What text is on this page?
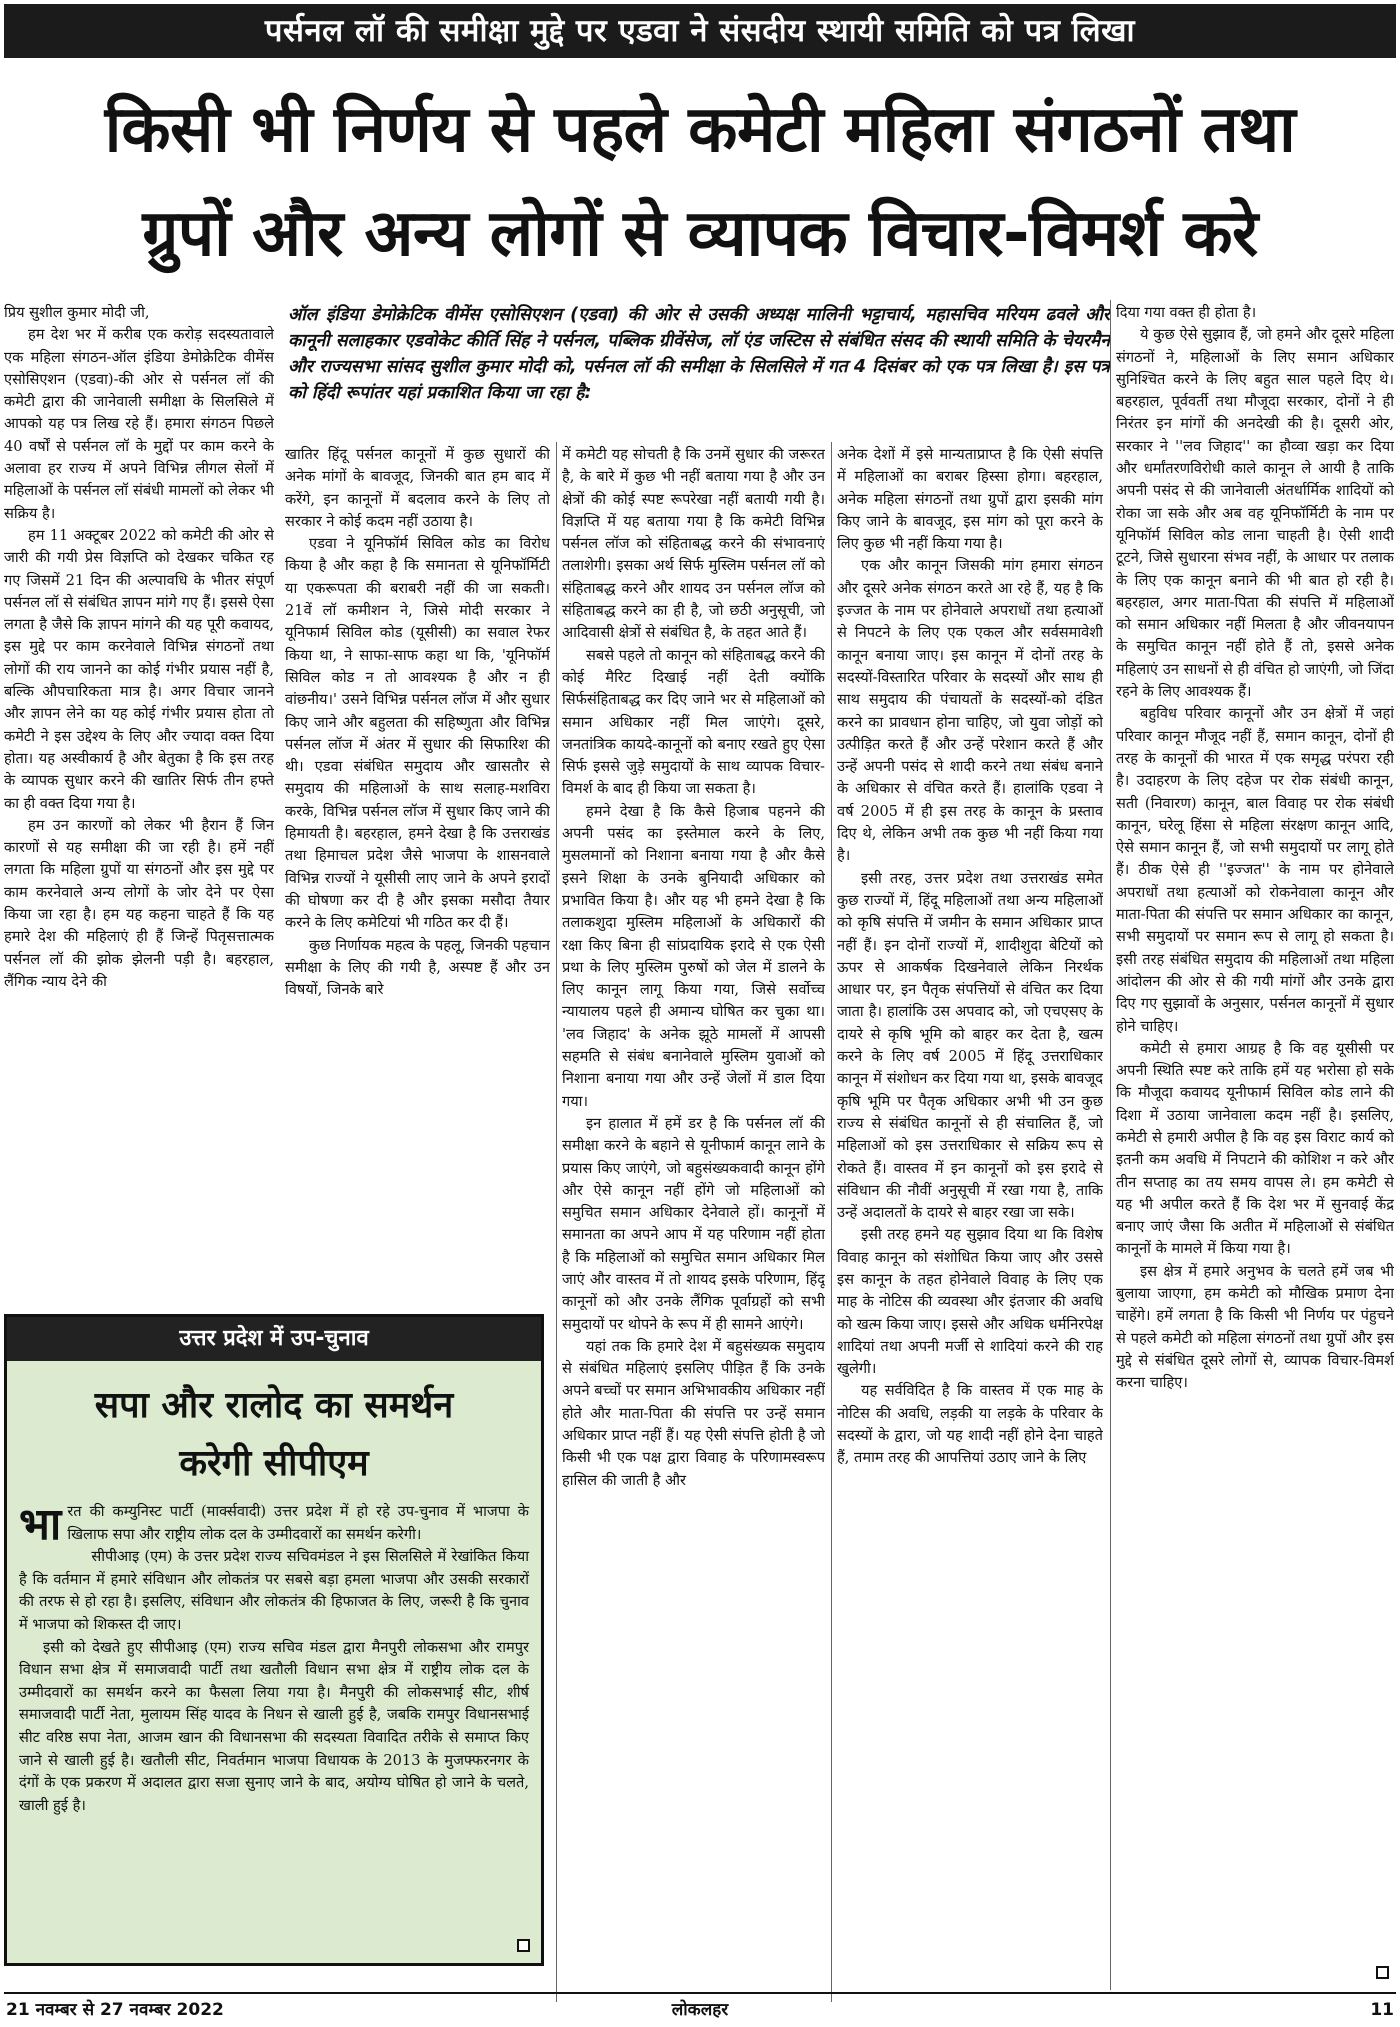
पर्सनल लॉ की समीक्षा मुद्दे पर एडवा ने संसदीय स्थायी समिति को पत्र लिखा
किसी भी निर्णय से पहले कमेटी महिला संगठनों तथा
ग्रुपों और अन्य लोगों से व्यापक विचार-विमर्श करे
ऑल इंडिया डेमोक्रेटिक वीमेंस एसोसिएशन (एडवा) की ओर से उसकी अध्यक्ष मालिनी भट्टाचार्य, महासचिव मरियम ढवले और कानूनी सलाहकार एडवोकेट कीर्ति सिंह ने पर्सनल, पब्लिक ग्रीवेंसेज, लॉ एंड जस्टिस से संबंधित संसद की स्थायी समिति के चेयरमैन और राज्यसभा सांसद सुशील कुमार मोदी को, पर्सनल लॉ की समीक्षा के सिलसिले में गत 4 दिसंबर को एक पत्र लिखा है। इस पत्र को हिंदी रूपांतर यहां प्रकाशित किया जा रहा है:

प्रिय सुशील कुमार मोदी जी,

हम देश भर में करीब एक करोड़ सदस्यतावाले एक महिला संगठन-ऑल इंडिया डेमोक्रेटिक वीमेंस एसोसिएशन (एडवा)-की ओर से पर्सनल लॉ की कमेटी द्वारा की जानेवाली समीक्षा के सिलसिले में आपको यह पत्र लिख रहे हैं। हमारा संगठन पिछले 40 वर्षों से पर्सनल लॉ के मुद्दों पर काम करने के अलावा हर राज्य में अपने विभिन्न लीगल सेलों में महिलाओं के पर्सनल लॉ संबंधी मामलों को लेकर भी सक्रिय है।

हम 11 अक्टूबर 2022 को कमेटी की ओर से जारी की गयी प्रेस विज्ञप्ति को देखकर चकित रह गए जिसमें 21 दिन की अल्पावधि के भीतर संपूर्ण पर्सनल लॉ से संबंधित ज्ञापन मांगे गए हैं। इससे ऐसा लगता है जैसे कि ज्ञापन मांगने की यह पूरी कवायद, इस मुद्दे पर काम करनेवाले विभिन्न संगठनों तथा लोगों की राय जानने का कोई गंभीर प्रयास नहीं है, बल्कि औपचारिकता मात्र है। अगर विचार जानने और ज्ञापन लेने का यह कोई गंभीर प्रयास होता तो कमेटी ने इस उद्देश्य के लिए और ज्यादा वक्त दिया होता। यह अस्वीकार्य है और बेतुका है कि इस तरह के व्यापक सुधार करने की खातिर सिर्फ तीन हफ्ते का ही वक्त दिया गया है।

हम उन कारणों को लेकर भी हैरान हैं जिन कारणों से यह समीक्षा की जा रही है। हमें नहीं लगता कि महिला ग्रुपों या संगठनों और इस मुद्दे पर काम करनेवाले अन्य लोगों के जोर देने पर ऐसा किया जा रहा है। हम यह कहना चाहते हैं कि यह हमारे देश की महिलाएं ही हैं जिन्हें पितृसत्तात्मक पर्सनल लॉ की झोक झेलनी पड़ी है। बहरहाल, लैंगिक न्याय देने की

खातिर हिंदू पर्सनल कानूनों में कुछ सुधारों की अनेक मांगों के बावजूद, जिनकी बात हम बाद में करेंगे, इन कानूनों में बदलाव करने के लिए तो सरकार ने कोई कदम नहीं उठाया है।

एडवा ने यूनिफॉर्म सिविल कोड का विरोध किया है और कहा है कि समानता से यूनिफॉर्मिटी या एकरूपता की बराबरी नहीं की जा सकती। 21वें लॉ कमीशन ने, जिसे मोदी सरकार ने यूनिफार्म सिविल कोड (यूसीसी) का सवाल रेफर किया था, ने साफा-साफ कहा था कि, 'यूनिफॉर्म सिविल कोड न तो आवश्यक है और न ही वांछनीय।' उसने विभिन्न पर्सनल लॉज में और सुधार किए जाने और बहुलता की सहिष्णुता और विभिन्न पर्सनल लॉज में अंतर में सुधार की सिफारिश की थी। एडवा संबंधित समुदाय और खासतौर से समुदाय की महिलाओं के साथ सलाह-मशविरा करके, विभिन्न पर्सनल लॉज में सुधार किए जाने की हिमायती है। बहरहाल, हमने देखा है कि उत्तराखंड तथा हिमाचल प्रदेश जैसे भाजपा के शासनवाले विभिन्न राज्यों ने यूसीसी लाए जाने के अपने इरादों की घोषणा कर दी है और इसका मसौदा तैयार करने के लिए कमेटियां भी गठित कर दी हैं।

कुछ निर्णायक महत्व के पहलू, जिनकी पहचान समीक्षा के लिए की गयी है, अस्पष्ट हैं और उन विषयों, जिनके बारे

में कमेटी यह सोचती है कि उनमें सुधार की जरूरत है, के बारे में कुछ भी नहीं बताया गया है और उन क्षेत्रों की कोई स्पष्ट रूपरेखा नहीं बतायी गयी है। विज्ञप्ति में यह बताया गया है कि कमेटी विभिन्न पर्सनल लॉज को संहिताबद्ध करने की संभावनाएं तलाशेगी। इसका अर्थ सिर्फ मुस्लिम पर्सनल लॉ को संहिताबद्ध करने और शायद उन पर्सनल लॉज को संहिताबद्ध करने का ही है, जो छठी अनुसूची, जो आदिवासी क्षेत्रों से संबंधित है, के तहत आते हैं।

सबसे पहले तो कानून को संहिताबद्ध करने की कोई मैरिट दिखाई नहीं देती क्योंकि सिर्फसंहिताबद्ध कर दिए जाने भर से महिलाओं को समान अधिकार नहीं मिल जाएंगे। दूसरे, जनतांत्रिक कायदे-कानूनों को बनाए रखते हुए ऐसा सिर्फ इससे जुड़े समुदायों के साथ व्यापक विचार-विमर्श के बाद ही किया जा सकता है।

हमने देखा है कि कैसे हिजाब पहनने की अपनी पसंद का इस्तेमाल करने के लिए, मुसलमानों को निशाना बनाया गया है और कैसे इसने शिक्षा के उनके बुनियादी अधिकार को प्रभावित किया है। और यह भी हमने देखा है कि तलाकशुदा मुस्लिम महिलाओं के अधिकारों की रक्षा किए बिना ही सांप्रदायिक इरादे से एक ऐसी प्रथा के लिए मुस्लिम पुरुषों को जेल में डालने के लिए कानून लागू किया गया, जिसे सर्वोच्च न्यायालय पहले ही अमान्य घोषित कर चुका था। 'लव जिहाद' के अनेक झूठे मामलों में आपसी सहमति से संबंध बनानेवाले मुस्लिम युवाओं को निशाना बनाया गया और उन्हें जेलों में डाल दिया गया।

इन हालात में हमें डर है कि पर्सनल लॉ की समीक्षा करने के बहाने से यूनीफार्म कानून लाने के प्रयास किए जाएंगे, जो बहुसंख्यकवादी कानून होंगे और ऐसे कानून नहीं होंगे जो महिलाओं को समुचित समान अधिकार देनेवाले हों। कानूनों में समानता का अपने आप में यह परिणाम नहीं होता है कि महिलाओं को समुचित समान अधिकार मिल जाएं और वास्तव में तो शायद इसके परिणाम, हिंदू कानूनों को और उनके लैंगिक पूर्वाग्रहों को सभी समुदायों पर थोपने के रूप में ही सामने आएंगे।

यहां तक कि हमारे देश में बहुसंख्यक समुदाय से संबंधित महिलाएं इसलिए पीड़ित हैं कि उनके अपने बच्चों पर समान अभिभावकीय अधिकार नहीं होते और माता-पिता की संपत्ति पर उन्हें समान अधिकार प्राप्त नहीं हैं। यह ऐसी संपत्ति होती है जो किसी भी एक पक्ष द्वारा विवाह के परिणामस्वरूप हासिल की जाती है और

अनेक देशों में इसे मान्यताप्राप्त है कि ऐसी संपत्ति में महिलाओं का बराबर हिस्सा होगा। बहरहाल, अनेक महिला संगठनों तथा ग्रुपों द्वारा इसकी मांग किए जाने के बावजूद, इस मांग को पूरा करने के लिए कुछ भी नहीं किया गया है।

एक और कानून जिसकी मांग हमारा संगठन और दूसरे अनेक संगठन करते आ रहे हैं, यह है कि इज्जत के नाम पर होनेवाले अपराधों तथा हत्याओं से निपटने के लिए एक एकल और सर्वसमावेशी कानून बनाया जाए। इस कानून में दोनों तरह के सदस्यों-विस्तारित परिवार के सदस्यों और साथ ही साथ समुदाय की पंचायतों के सदस्यों-को दंडित करने का प्रावधान होना चाहिए, जो युवा जोड़ों को उत्पीड़ित करते हैं और उन्हें परेशान करते हैं और उन्हें अपनी पसंद से शादी करने तथा संबंध बनाने के अधिकार से वंचित करते हैं। हालांकि एडवा ने वर्ष 2005 में ही इस तरह के कानून के प्रस्ताव दिए थे, लेकिन अभी तक कुछ भी नहीं किया गया है।

इसी तरह, उत्तर प्रदेश तथा उत्तराखंड समेत कुछ राज्यों में, हिंदू महिलाओं तथा अन्य महिलाओं को कृषि संपत्ति में जमीन के समान अधिकार प्राप्त नहीं हैं। इन दोनों राज्यों में, शादीशुदा बेटियों को ऊपर से आकर्षक दिखनेवाले लेकिन निरर्थक आधार पर, इन पैतृक संपत्तियों से वंचित कर दिया जाता है। हालांकि उस अपवाद को, जो एचएसए के दायरे से कृषि भूमि को बाहर कर देता है, खत्म करने के लिए वर्ष 2005 में हिंदू उत्तराधिकार कानून में संशोधन कर दिया गया था, इसके बावजूद कृषि भूमि पर पैतृक अधिकार अभी भी उन कुछ राज्य से संबंधित कानूनों से ही संचालित हैं, जो महिलाओं को इस उत्तराधिकार से सक्रिय रूप से रोकते हैं। वास्तव में इन कानूनों को इस इरादे से संविधान की नौवीं अनुसूची में रखा गया है, ताकि उन्हें अदालतों के दायरे से बाहर रखा जा सके।

इसी तरह हमने यह सुझाव दिया था कि विशेष विवाह कानून को संशोधित किया जाए और उससे इस कानून के तहत होनेवाले विवाह के लिए एक माह के नोटिस की व्यवस्था और इंतजार की अवधि को खत्म किया जाए। इससे और अधिक धर्मनिरपेक्ष शादियां तथा अपनी मर्जी से शादियां करने की राह खुलेगी।

यह सर्वविदित है कि वास्तव में एक माह के नोटिस की अवधि, लड़की या लड़के के परिवार के सदस्यों के द्वारा, जो यह शादी नहीं होने देना चाहते हैं, तमाम तरह की आपत्तियां उठाए जाने के लिए

दिया गया वक्त ही होता है।

ये कुछ ऐसे सुझाव हैं, जो हमने और दूसरे महिला संगठनों ने, महिलाओं के लिए समान अधिकार सुनिश्चित करने के लिए बहुत साल पहले दिए थे। बहरहाल, पूर्ववर्ती तथा मौजूदा सरकार, दोनों ने ही निरंतर इन मांगों की अनदेखी की है। दूसरी ओर, सरकार ने ''लव जिहाद'' का हौव्वा खड़ा कर दिया और धर्मांतरणविरोधी काले कानून ले आयी है ताकि अपनी पसंद से की जानेवाली अंतर्धार्मिक शादियों को रोका जा सके और अब वह यूनिफॉर्मिटी के नाम पर यूनिफॉर्म सिविल कोड लाना चाहती है। ऐसी शादी टूटने, जिसे सुधारना संभव नहीं, के आधार पर तलाक के लिए एक कानून बनाने की भी बात हो रही है। बहरहाल, अगर माता-पिता की संपत्ति में महिलाओं को समान अधिकार नहीं मिलता है और जीवनयापन के समुचित कानून नहीं होते हैं तो, इससे अनेक महिलाएं उन साधनों से ही वंचित हो जाएंगी, जो जिंदा रहने के लिए आवश्यक हैं।

बहुविध परिवार कानूनों और उन क्षेत्रों में जहां परिवार कानून मौजूद नहीं हैं, समान कानून, दोनों ही तरह के कानूनों की भारत में एक समृद्ध परंपरा रही है। उदाहरण के लिए दहेज पर रोक संबंधी कानून, सती (निवारण) कानून, बाल विवाह पर रोक संबंधी कानून, घरेलू हिंसा से महिला संरक्षण कानून आदि, ऐसे समान कानून हैं, जो सभी समुदायों पर लागू होते हैं। ठीक ऐसे ही ''इज्जत'' के नाम पर होनेवाले अपराधों तथा हत्याओं को रोकनेवाला कानून और माता-पिता की संपत्ति पर समान अधिकार का कानून, सभी समुदायों पर समान रूप से लागू हो सकता है। इसी तरह संबंधित समुदाय की महिलाओं तथा महिला आंदोलन की ओर से की गयी मांगों और उनके द्वारा दिए गए सुझावों के अनुसार, पर्सनल कानूनों में सुधार होने चाहिए।

कमेटी से हमारा आग्रह है कि वह यूसीसी पर अपनी स्थिति स्पष्ट करे ताकि हमें यह भरोसा हो सके कि मौजूदा कवायद यूनीफार्म सिविल कोड लाने की दिशा में उठाया जानेवाला कदम नहीं है। इसलिए, कमेटी से हमारी अपील है कि वह इस विराट कार्य को इतनी कम अवधि में निपटाने की कोशिश न करे और तीन सप्ताह का तय समय वापस ले। हम कमेटी से यह भी अपील करते हैं कि देश भर में सुनवाई केंद्र बनाए जाएं जैसा कि अतीत में महिलाओं से संबंधित कानूनों के मामले में किया गया है।

इस क्षेत्र में हमारे अनुभव के चलते हमें जब भी बुलाया जाएगा, हम कमेटी को मौखिक प्रमाण देना चाहेंगे। हमें लगता है कि किसी भी निर्णय पर पंहुचने से पहले कमेटी को महिला संगठनों तथा ग्रुपों और इस मुद्दे से संबंधित दूसरे लोगों से, व्यापक विचार-विमर्श करना चाहिए।

उत्तर प्रदेश में उप-चुनाव
सपा और रालोद का समर्थन
करेगी सीपीएम

भारत की कम्युनिस्ट पार्टी (मार्क्सवादी) उत्तर प्रदेश में हो रहे उप-चुनाव में भाजपा के खिलाफ सपा और राष्ट्रीय लोक दल के उम्मीदवारों का समर्थन करेगी।

सीपीआइ (एम) के उत्तर प्रदेश राज्य सचिवमंडल ने इस सिलसिले में रेखांकित किया है कि वर्तमान में हमारे संविधान और लोकतंत्र पर सबसे बड़ा हमला भाजपा और उसकी सरकारों की तरफ से हो रहा है। इसलिए, संविधान और लोकतंत्र की हिफाजत के लिए, जरूरी है कि चुनाव में भाजपा को शिकस्त दी जाए।

इसी को देखते हुए सीपीआइ (एम) राज्य सचिव मंडल द्वारा मैनपुरी लोकसभा और रामपुर विधान सभा क्षेत्र में समाजवादी पार्टी तथा खतौली विधान सभा क्षेत्र में राष्ट्रीय लोक दल के उम्मीदवारों का समर्थन करने का फैसला लिया गया है। मैनपुरी की लोकसभाई सीट, शीर्ष समाजवादी पार्टी नेता, मुलायम सिंह यादव के निधन से खाली हुई है, जबकि रामपुर विधानसभाई सीट वरिष्ठ सपा नेता, आजम खान की विधानसभा की सदस्यता विवादित तरीके से समाप्त किए जाने से खाली हुई है। खतौली सीट, निवर्तमान भाजपा विधायक के 2013 के मुजफ्फरनगर के दंगों के एक प्रकरण में अदालत द्वारा सजा सुनाए जाने के बाद, अयोग्य घोषित हो जाने के चलते, खाली हुई है।

21 नवम्बर से 27 नवम्बर 2022	लोकलहर	11
